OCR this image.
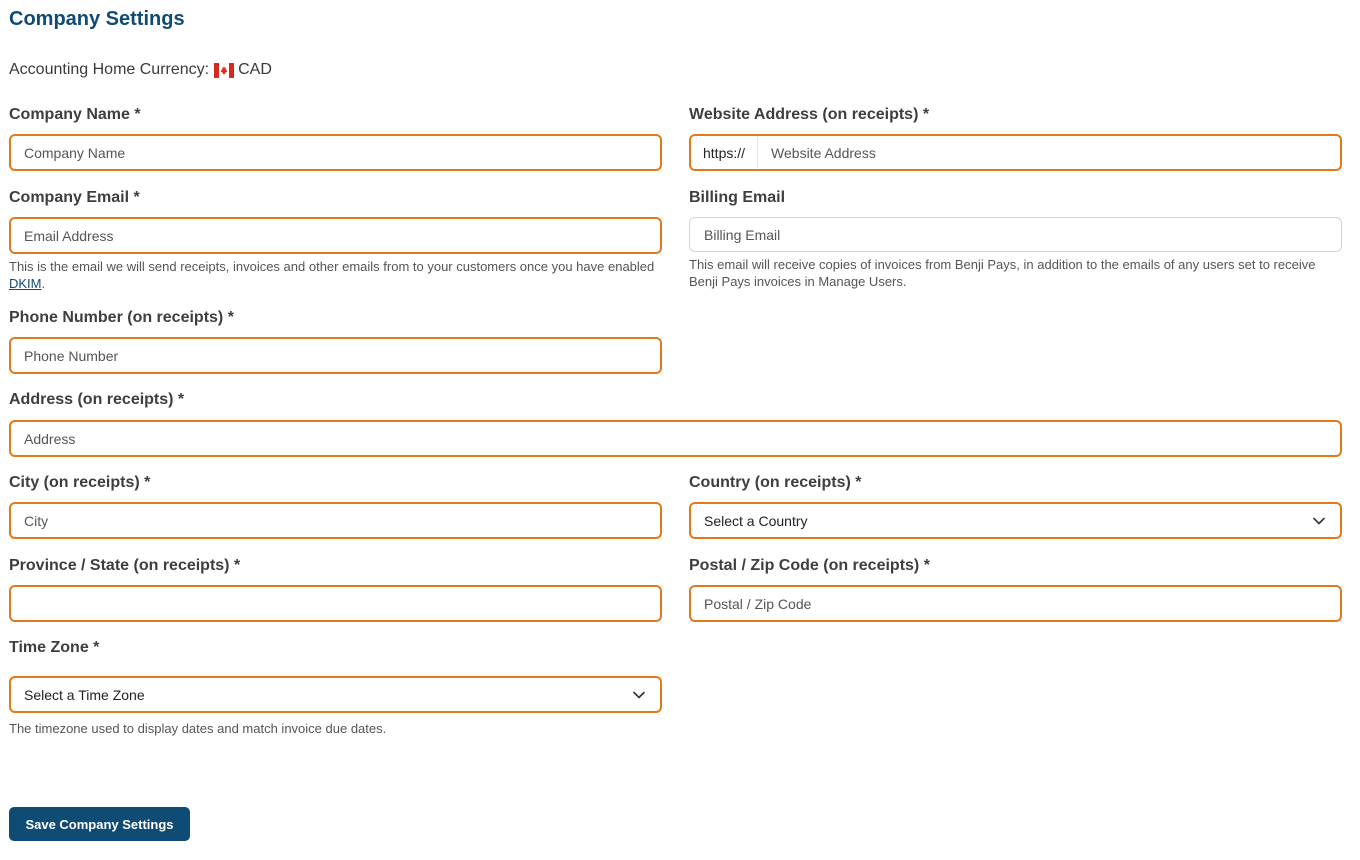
Company Settings
Accounting Home Currency: CAD
Company Name *
Company Name
Website Address (on receipts) *
https://	Website Address
Company Email *
Email Address
This is the email we will send receipts, invoices and other emails from to your customers once you have enabled DKIM.
Billing Email
Billing Email
This email will receive copies of invoices from Benji Pays, in addition to the emails of any users set to receive Benji Pays invoices in Manage Users.
Phone Number (on receipts) *
Phone Number
Address (on receipts) *
Address
City (on receipts) *
City
Country (on receipts) *
Select a Country
Province / State (on receipts) *	Postal / Zip Code (on receipts) *
Postal / Zip Code
Time Zone *
Select a Time Zone
The timezone used to display dates and match invoice due dates.
Save Company Settings
